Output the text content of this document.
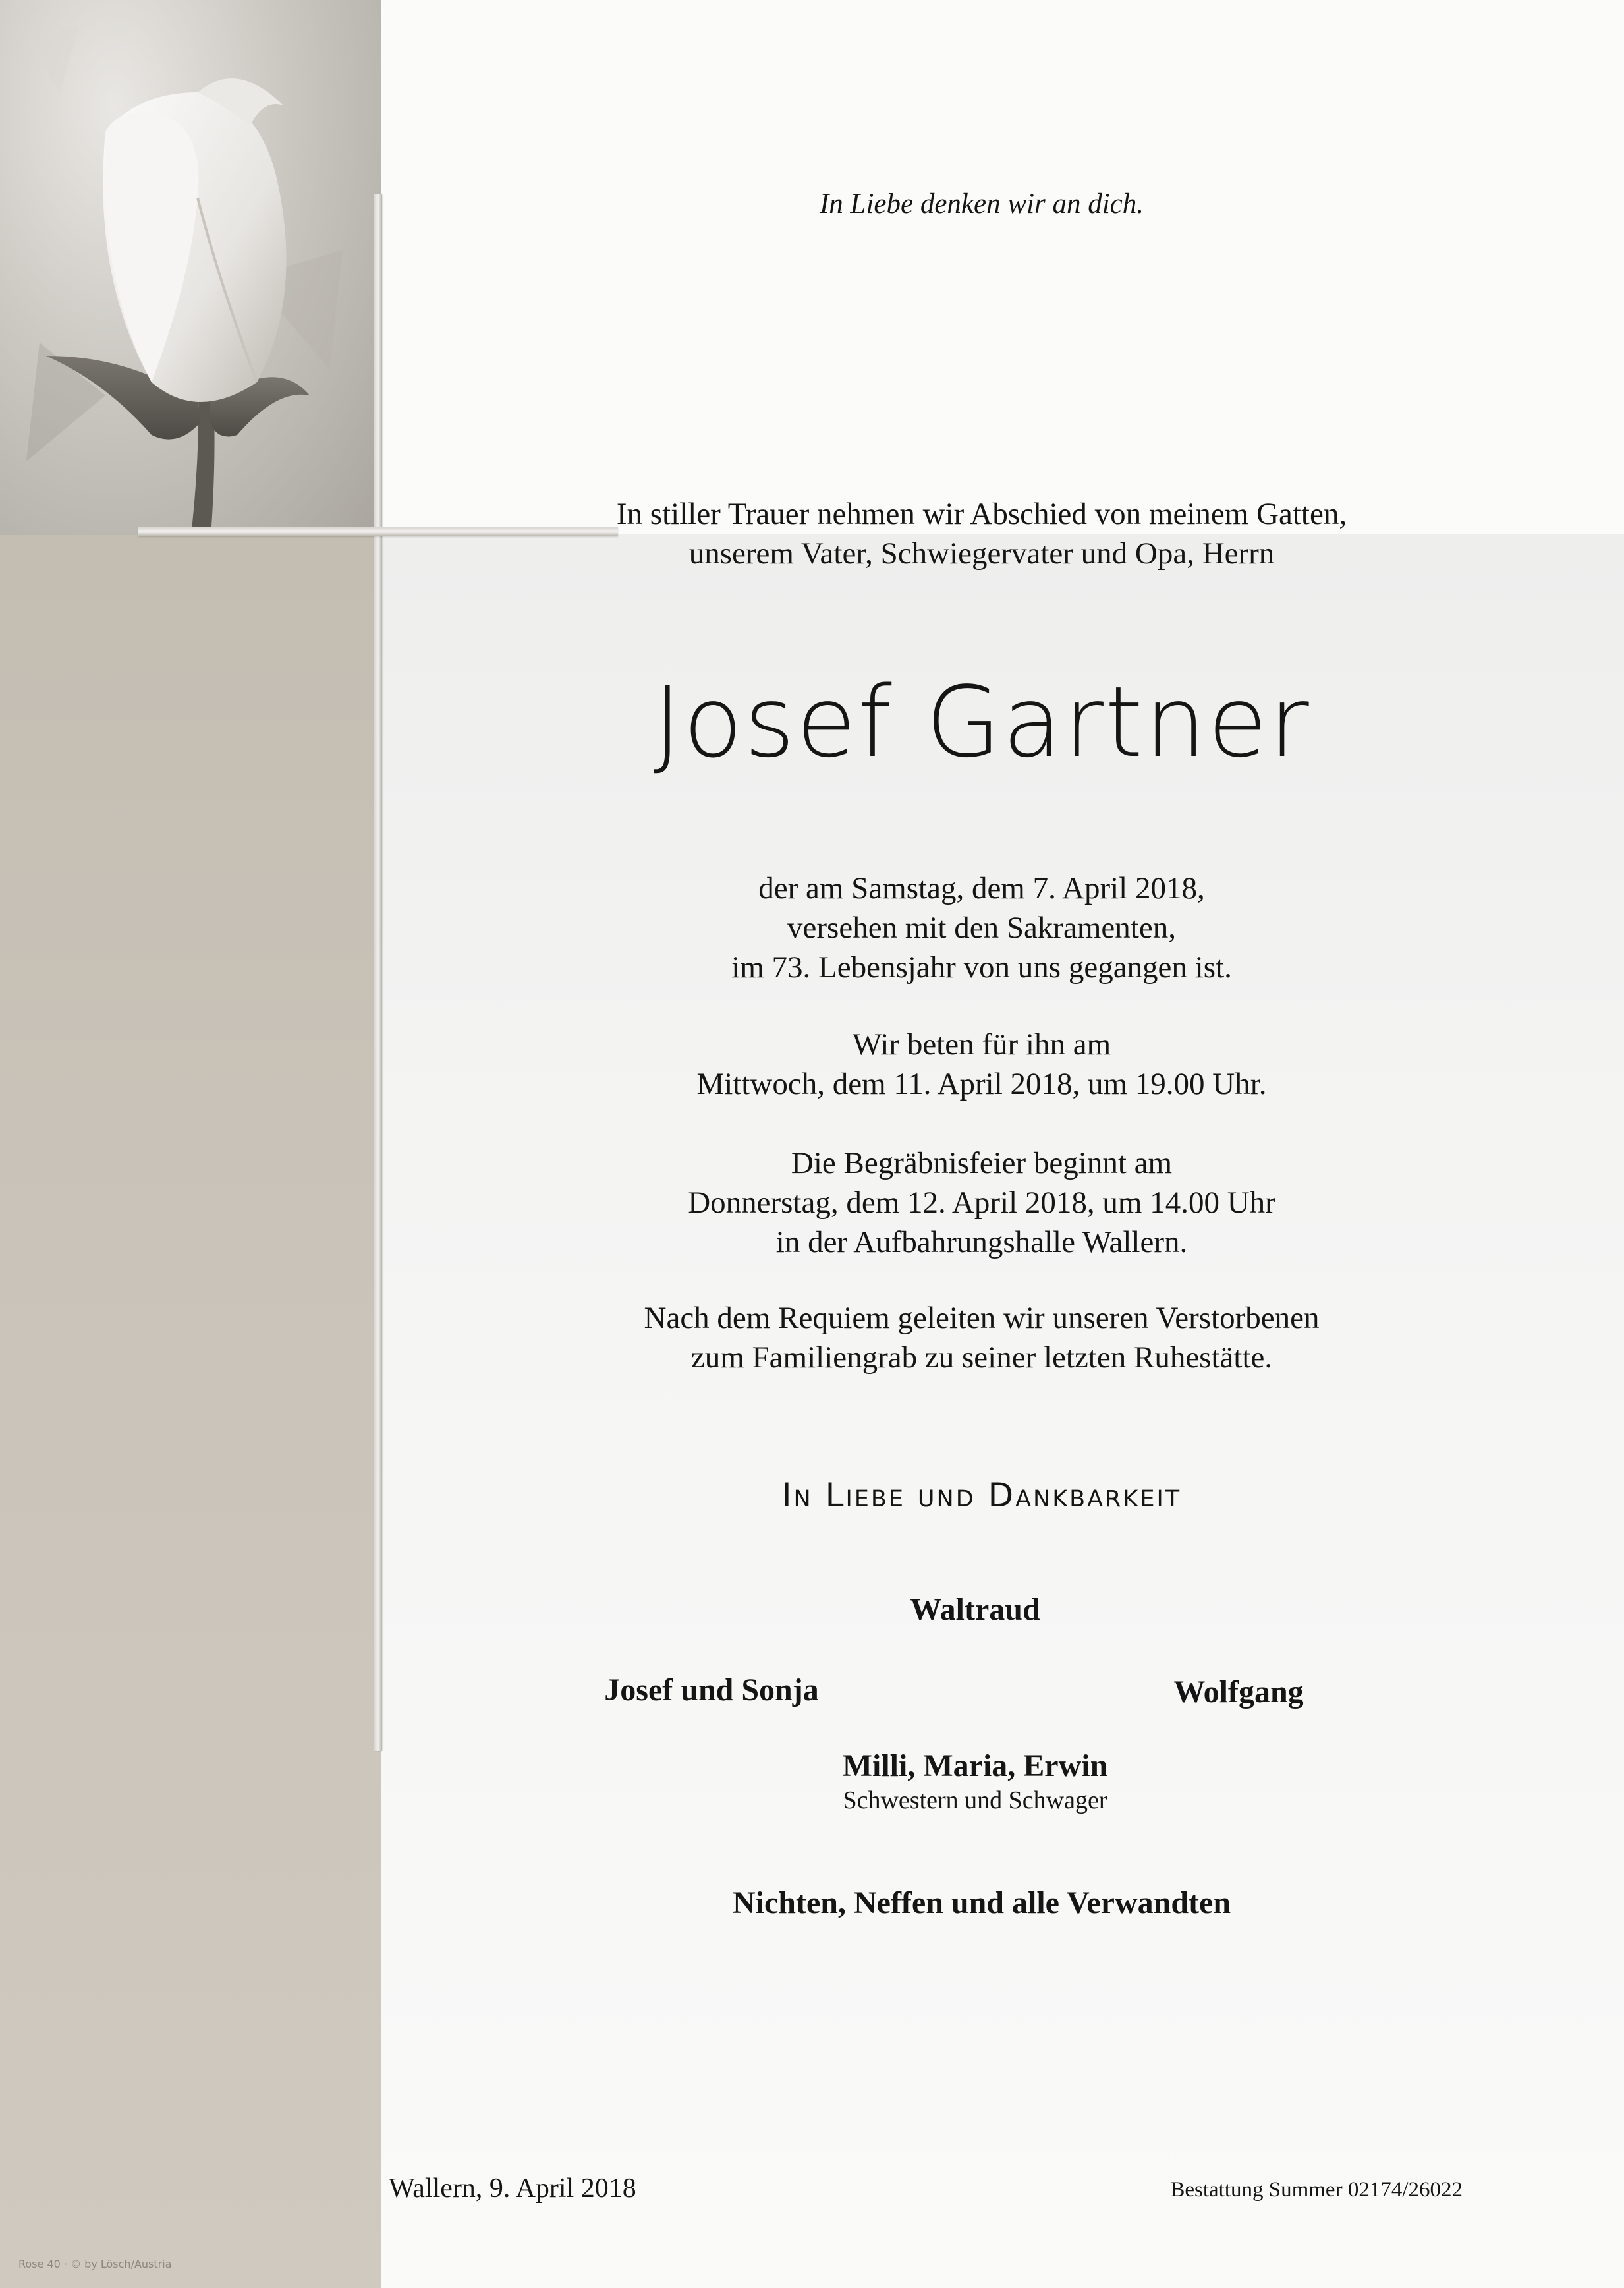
In Liebe denken wir an dich.
In stiller Trauer nehmen wir Abschied von meinem Gatten,
unserem Vater, Schwiegervater und Opa, Herrn
Josef Gartner
der am Samstag, dem 7. April 2018,
versehen mit den Sakramenten,
im 73. Lebensjahr von uns gegangen ist.
Wir beten für ihn am
Mittwoch, dem 11. April 2018, um 19.00 Uhr.
Die Begräbnisfeier beginnt am
Donnerstag, dem 12. April 2018, um 14.00 Uhr
in der Aufbahrungshalle Wallern.
Nach dem Requiem geleiten wir unseren Verstorbenen
zum Familiengrab zu seiner letzten Ruhestätte.
In Liebe und Dankbarkeit
Waltraud
Josef und Sonja	Wolfgang
Milli, Maria, Erwin
Schwestern und Schwager
Nichten, Neffen und alle Verwandten
Wallern, 9. April 2018	Bestattung Summer 02174/26022
Rose 40 · © by Lösch/Austria
